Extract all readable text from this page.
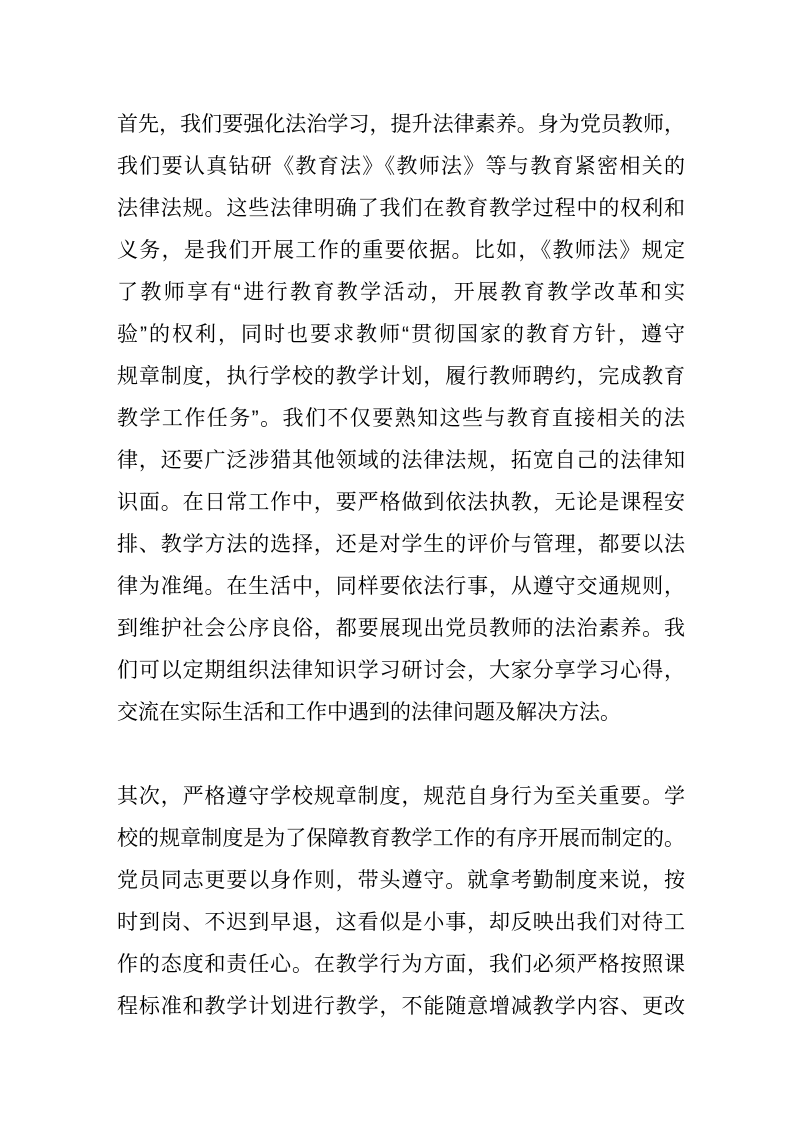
首先，我们要强化法治学习，提升法律素养。身为党员教师，
我们要认真钻研《教育法》《教师法》等与教育紧密相关的
法律法规。这些法律明确了我们在教育教学过程中的权利和
义务，是我们开展工作的重要依据。比如，《教师法》规定
了教师享有“进行教育教学活动，开展教育教学改革和实
验”的权利，同时也要求教师“贯彻国家的教育方针，遵守
规章制度，执行学校的教学计划，履行教师聘约，完成教育
教学工作任务”。我们不仅要熟知这些与教育直接相关的法
律，还要广泛涉猎其他领域的法律法规，拓宽自己的法律知
识面。在日常工作中，要严格做到依法执教，无论是课程安
排、教学方法的选择，还是对学生的评价与管理，都要以法
律为准绳。在生活中，同样要依法行事，从遵守交通规则，
到维护社会公序良俗，都要展现出党员教师的法治素养。我
们可以定期组织法律知识学习研讨会，大家分享学习心得，
交流在实际生活和工作中遇到的法律问题及解决方法。
其次，严格遵守学校规章制度，规范自身行为至关重要。学
校的规章制度是为了保障教育教学工作的有序开展而制定的。
党员同志更要以身作则，带头遵守。就拿考勤制度来说，按
时到岗、不迟到早退，这看似是小事，却反映出我们对待工
作的态度和责任心。在教学行为方面，我们必须严格按照课
程标准和教学计划进行教学，不能随意增减教学内容、更改
